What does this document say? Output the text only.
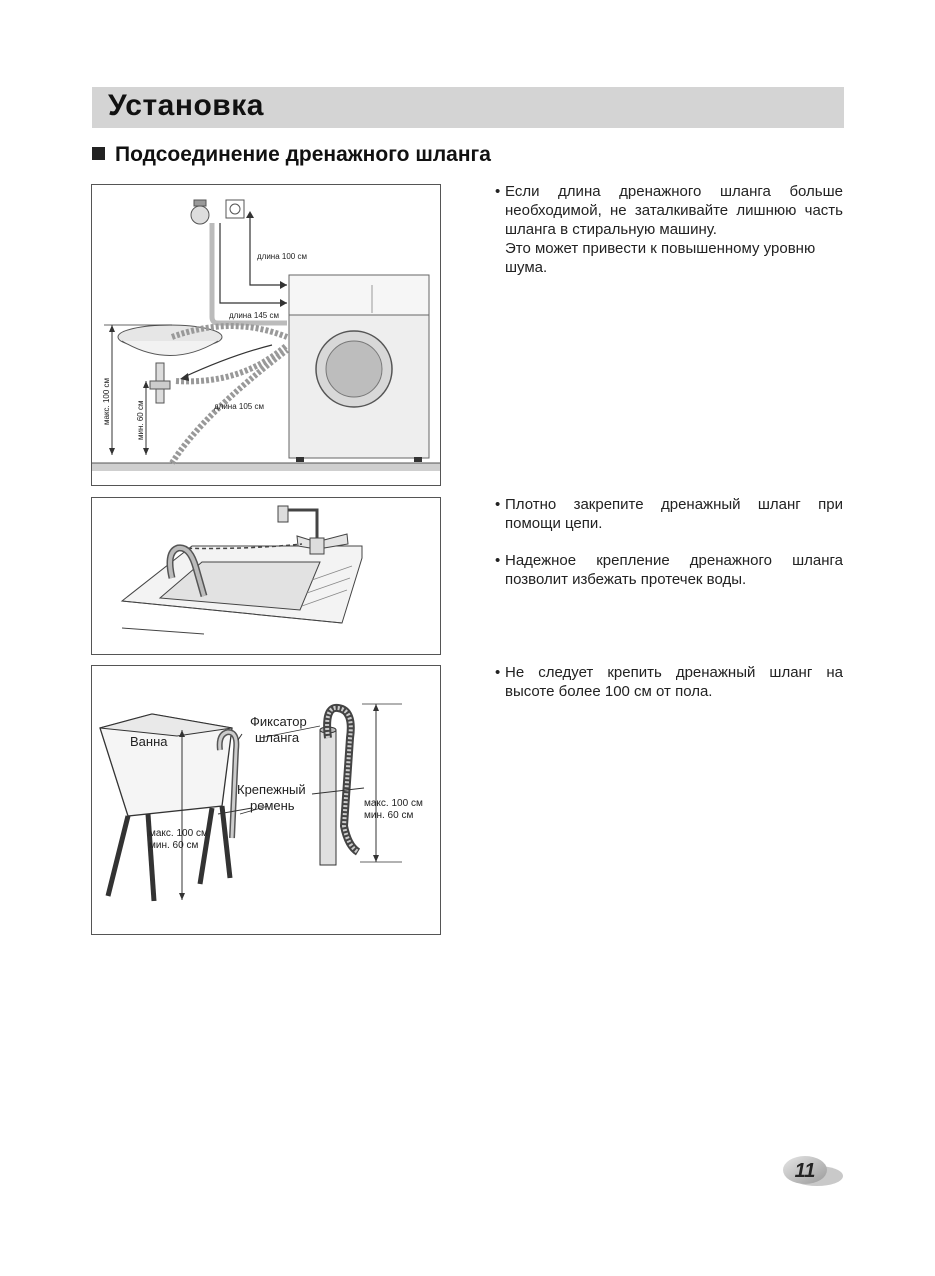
Установка
Подсоединение дренажного шланга
длина 100 см
длина 145 см
длина 105 см
макс. 100 см	мин. 60 см
Ванна
Фиксатор
шланга
Крепежный
ремень
макс. 100 см
мин. 60 см
макс. 100 см
мин. 60 см
• Если длина дренажного шланга больше необходимой, не заталкивайте лишнюю часть шланга в стиральную машину.

Это может привести к повышенному уровню шума.

• Плотно закрепите дренажный шланг при помощи цепи.

• Надежное крепление дренажного шланга позволит избежать протечек воды.

• Не следует крепить дренажный шланг на высоте более 100 см от пола.

11
